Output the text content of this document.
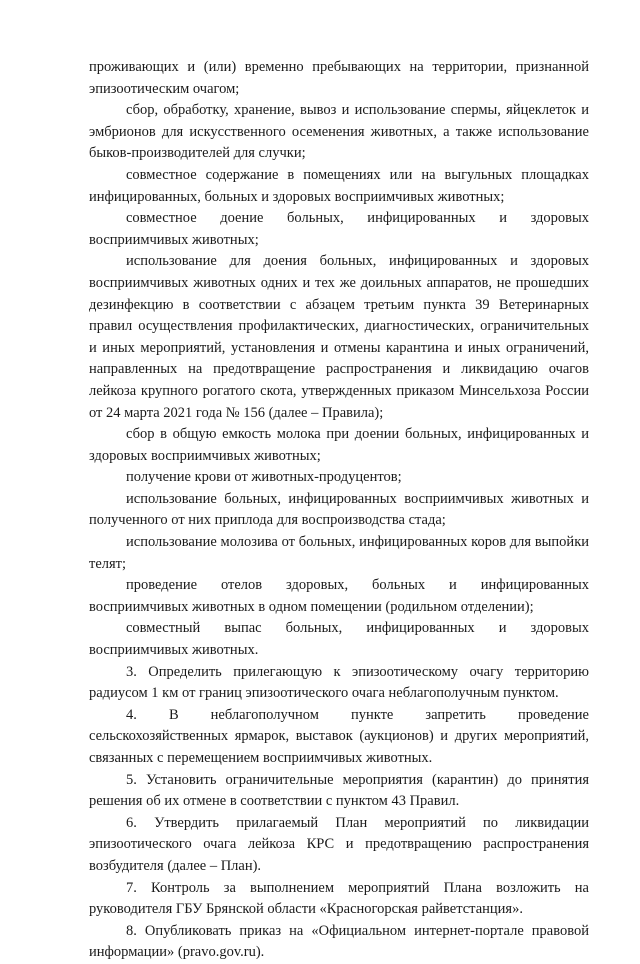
проживающих и (или) временно пребывающих на территории, признанной эпизоотическим очагом;

сбор, обработку, хранение, вывоз и использование спермы, яйцеклеток и эмбрионов для искусственного осеменения животных, а также использование быков-производителей для случки;

совместное содержание в помещениях или на выгульных площадках инфицированных, больных и здоровых восприимчивых животных;

совместное доение больных, инфицированных и здоровых восприимчивых животных;

использование для доения больных, инфицированных и здоровых восприимчивых животных одних и тех же доильных аппаратов, не прошедших дезинфекцию в соответствии с абзацем третьим пункта 39 Ветеринарных правил осуществления профилактических, диагностических, ограничительных и иных мероприятий, установления и отмены карантина и иных ограничений, направленных на предотвращение распространения и ликвидацию очагов лейкоза крупного рогатого скота, утвержденных приказом Минсельхоза России от 24 марта 2021 года № 156 (далее – Правила);

сбор в общую емкость молока при доении больных, инфицированных и здоровых восприимчивых животных;

получение крови от животных-продуцентов;

использование больных, инфицированных восприимчивых животных и полученного от них приплода для воспроизводства стада;

использование молозива от больных, инфицированных коров для выпойки телят;

проведение отелов здоровых, больных и инфицированных восприимчивых животных в одном помещении (родильном отделении);

совместный выпас больных, инфицированных и здоровых восприимчивых животных.

3. Определить прилегающую к эпизоотическому очагу территорию радиусом 1 км от границ эпизоотического очага неблагополучным пунктом.

4. В неблагополучном пункте запретить проведение сельскохозяйственных ярмарок, выставок (аукционов) и других мероприятий, связанных с перемещением восприимчивых животных.

5. Установить ограничительные мероприятия (карантин) до принятия решения об их отмене в соответствии с пунктом 43 Правил.

6. Утвердить прилагаемый План мероприятий по ликвидации эпизоотического очага лейкоза КРС и предотвращению распространения возбудителя (далее – План).

7. Контроль за выполнением мероприятий Плана возложить на руководителя ГБУ Брянской области «Красногорская райветстанция».

8. Опубликовать приказ на «Официальном интернет-портале правовой информации» (pravo.gov.ru).
